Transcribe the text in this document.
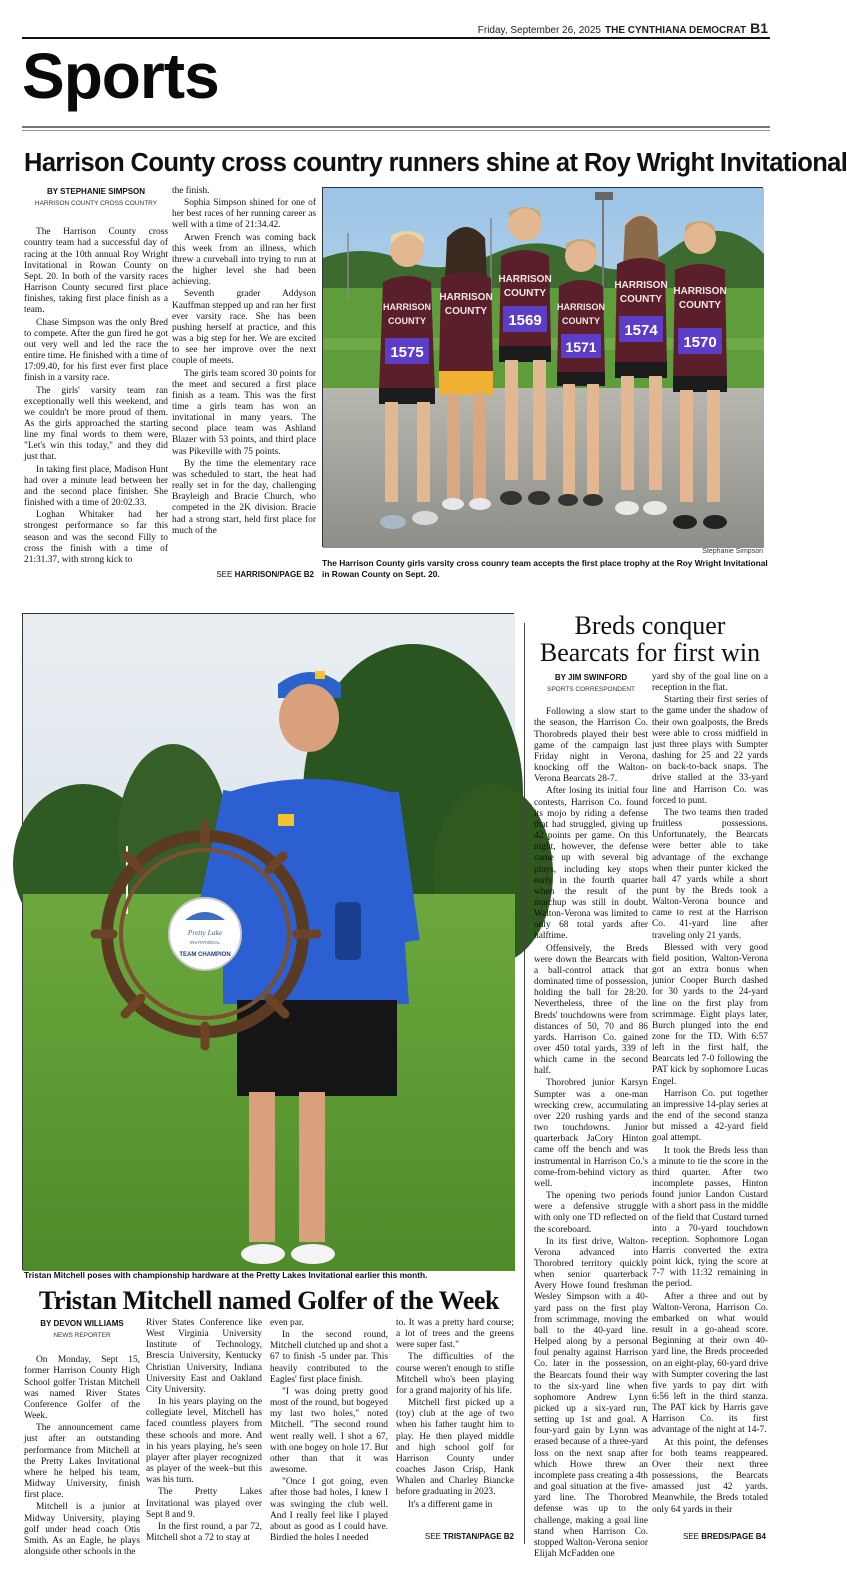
Friday, September 26, 2025 THE CYNTHIANA DEMOCRAT B1
Sports
Harrison County cross country runners shine at Roy Wright Invitational
BY STEPHANIE SIMPSON
HARRISON COUNTY CROSS COUNTRY

The Harrison County cross country team had a successful day of racing at the 10th annual Roy Wright Invitational in Rowan County on Sept. 20. In both of the varsity races Harrison County secured first place finishes, taking first place finish as a team.

Chase Simpson was the only Bred to compete. After the gun fired he got out very well and led the race the entire time. He finished with a time of 17:09.40, for his first ever first place finish in a varsity race.

The girls' varsity team ran exceptionally well this weekend, and we couldn't be more proud of them. As the girls approached the starting line my final words to them were, "Let's win this today," and they did just that.

In taking first place, Madison Hunt had over a minute lead between her and the second place finisher. She finished with a time of 20:02.33.

Loghan Whitaker had her strongest performance so far this season and was the second Filly to cross the finish with a time of 21:31.37, with strong kick to

the finish.

Sophia Simpson shined for one of her best races of her running career as well with a time of 21:34.42.

Arwen French was coming back this week from an illness, which threw a curveball into trying to run at the higher level she had been achieving.

Seventh grader Addyson Kauffman stepped up and ran her first ever varsity race. She has been pushing herself at practice, and this was a big step for her. We are excited to see her improve over the next couple of meets.

The girls team scored 30 points for the meet and secured a first place finish as a team. This was the first time a girls team has won an invitational in many years. The second place team was Ashland Blazer with 53 points, and third place was Pikeville with 75 points.

By the time the elementary race was scheduled to start, the heat had really set in for the day, challenging Brayleigh and Bracie Church, who competed in the 2K division. Bracie had a strong start, held first place for much of the

SEE HARRISON/PAGE B2
HARRISON
COUNTY
1575
HARRISON
COUNTY
HARRISON
COUNTY
1569
HARRISON
COUNTY
1571
HARRISON
COUNTY
1574
HARRISON
COUNTY
1570
Stephanie Simpson
The Harrison County girls varsity cross counry team accepts the first place trophy at the Roy Wright Invitational in Rowan County on Sept. 20.
Pretty Lake
INVITATIONAL
TEAM CHAMPION
Tristan Mitchell poses with championship hardware at the Pretty Lakes Invitational earlier this month.
Tristan Mitchell named Golfer of the Week
BY DEVON WILLIAMS
NEWS REPORTER

On Monday, Sept 15, former Harrison County High School golfer Tristan Mitchell was named River States Conference Golfer of the Week.

The announcement came just after an outstanding performance from Mitchell at the Pretty Lakes Invitational where he helped his team, Midway University, finish first place.

Mitchell is a junior at Midway University, playing golf under head coach Otis Smith. As an Eagle, he plays alongside other schools in the

River States Conference like West Virginia University Institute of Technology, Brescia University, Kentucky Christian University, Indiana University East and Oakland City University.

In his years playing on the collegiate level, Mitchell has faced countless players from these schools and more. And in his years playing, he's seen player after player recognized as player of the week–but this was his turn.

The Pretty Lakes Invitational was played over Sept 8 and 9.

In the first round, a par 72, Mitchell shot a 72 to stay at

even par.

In the second round, Mitchell clutched up and shot a 67 to finish -5 under par. This heavily contributed to the Eagles' first place finish.

"I was doing pretty good most of the round, but bogeyed my last two holes," noted Mitchell. "The second round went really well. I shot a 67, with one bogey on hole 17. But other than that it was awesome.

"Once I got going, even after those bad holes, I knew I was swinging the club well. And I really feel like I played about as good as I could have. Birdied the holes I needed

to. It was a pretty hard course; a lot of trees and the greens were super fast."

The difficulties of the course weren't enough to stifle Mitchell who's been playing for a grand majority of his life.

Mitchell first picked up a (toy) club at the age of two when his father taught him to play. He then played middle and high school golf for Harrison County under coaches Jason Crisp, Hank Whalen and Charley Biancke before graduating in 2023.

It's a different game in

SEE TRISTAN/PAGE B2
Breds conquer
Bearcats for first win
BY JIM SWINFORD
SPORTS CORRESPONDENT

Following a slow start to the season, the Harrison Co. Thorobreds played their best game of the campaign last Friday night in Verona, knocking off the Walton-Verona Bearcats 28-7.

After losing its initial four contests, Harrison Co. found its mojo by riding a defense that had struggled, giving up 42 points per game. On this night, however, the defense came up with several big plays, including key stops early in the fourth quarter when the result of the matchup was still in doubt. Walton-Verona was limited to only 68 total yards after halftime.

Offensively, the Breds were down the Bearcats with a ball-control attack that dominated time of possession, holding the ball for 28:20. Nevertheless, three of the Breds' touchdowns were from distances of 50, 70 and 86 yards. Harrison Co. gained over 450 total yards, 339 of which came in the second half.

Thorobred junior Karsyn Sumpter was a one-man wrecking crew, accumulating over 220 rushing yards and two touchdowns. Junior quarterback JaCory Hinton came off the bench and was instrumental in Harrison Co.'s come-from-behind victory as well.

The opening two periods were a defensive struggle with only one TD reflected on the scoreboard.

In its first drive, Walton-Verona advanced into Thorobred territory quickly when senior quarterback Avery Howe found freshman Wesley Simpson with a 40-yard pass on the first play from scrimmage, moving the ball to the 40-yard line. Helped along by a personal foul penalty against Harrison Co. later in the possession, the Bearcats found their way to the six-yard line when sophomore Andrew Lynn picked up a six-yard run, setting up 1st and goal. A four-yard gain by Lynn was erased because of a three-yard loss on the next snap after which Howe threw an incomplete pass creating a 4th and goal situation at the five-yard line. The Thorobred defense was up to the challenge, making a goal line stand when Harrison Co. stopped Walton-Verona senior Elijah McFadden one

yard shy of the goal line on a reception in the flat.

Starting their first series of the game under the shadow of their own goalposts, the Breds were able to cross midfield in just three plays with Sumpter dashing for 25 and 22 yards on back-to-back snaps. The drive stalled at the 33-yard line and Harrison Co. was forced to punt.

The two teams then traded fruitless possessions. Unfortunately, the Bearcats were better able to take advantage of the exchange when their punter kicked the ball 47 yards while a short punt by the Breds took a Walton-Verona bounce and came to rest at the Harrison Co. 41-yard line after traveling only 21 yards.

Blessed with very good field position, Walton-Verona got an extra bonus when junior Cooper Burch dashed for 30 yards to the 24-yard line on the first play from scrimmage. Eight plays later, Burch plunged into the end zone for the TD. With 6:57 left in the first half, the Bearcats led 7-0 following the PAT kick by sophomore Lucas Engel.

Harrison Co. put together an impressive 14-play series at the end of the second stanza but missed a 42-yard field goal attempt.

It took the Breds less than a minute to tie the score in the third quarter. After two incomplete passes, Hinton found junior Landon Custard with a short pass in the middle of the field that Custard turned into a 70-yard touchdown reception. Sophomore Logan Harris converted the extra point kick, tying the score at 7-7 with 11:32 remaining in the period.

After a three and out by Walton-Verona, Harrison Co. embarked on what would result in a go-ahead score. Beginning at their own 40-yard line, the Breds proceeded on an eight-play, 60-yard drive with Sumpter covering the last five yards to pay dirt with 6:56 left in the third stanza. The PAT kick by Harris gave Harrison Co. its first advantage of the night at 14-7.

At this point, the defenses for both teams reappeared. Over their next three possessions, the Bearcats amassed just 42 yards. Meanwhile, the Breds totaled only 64 yards in their

SEE BREDS/PAGE B4
